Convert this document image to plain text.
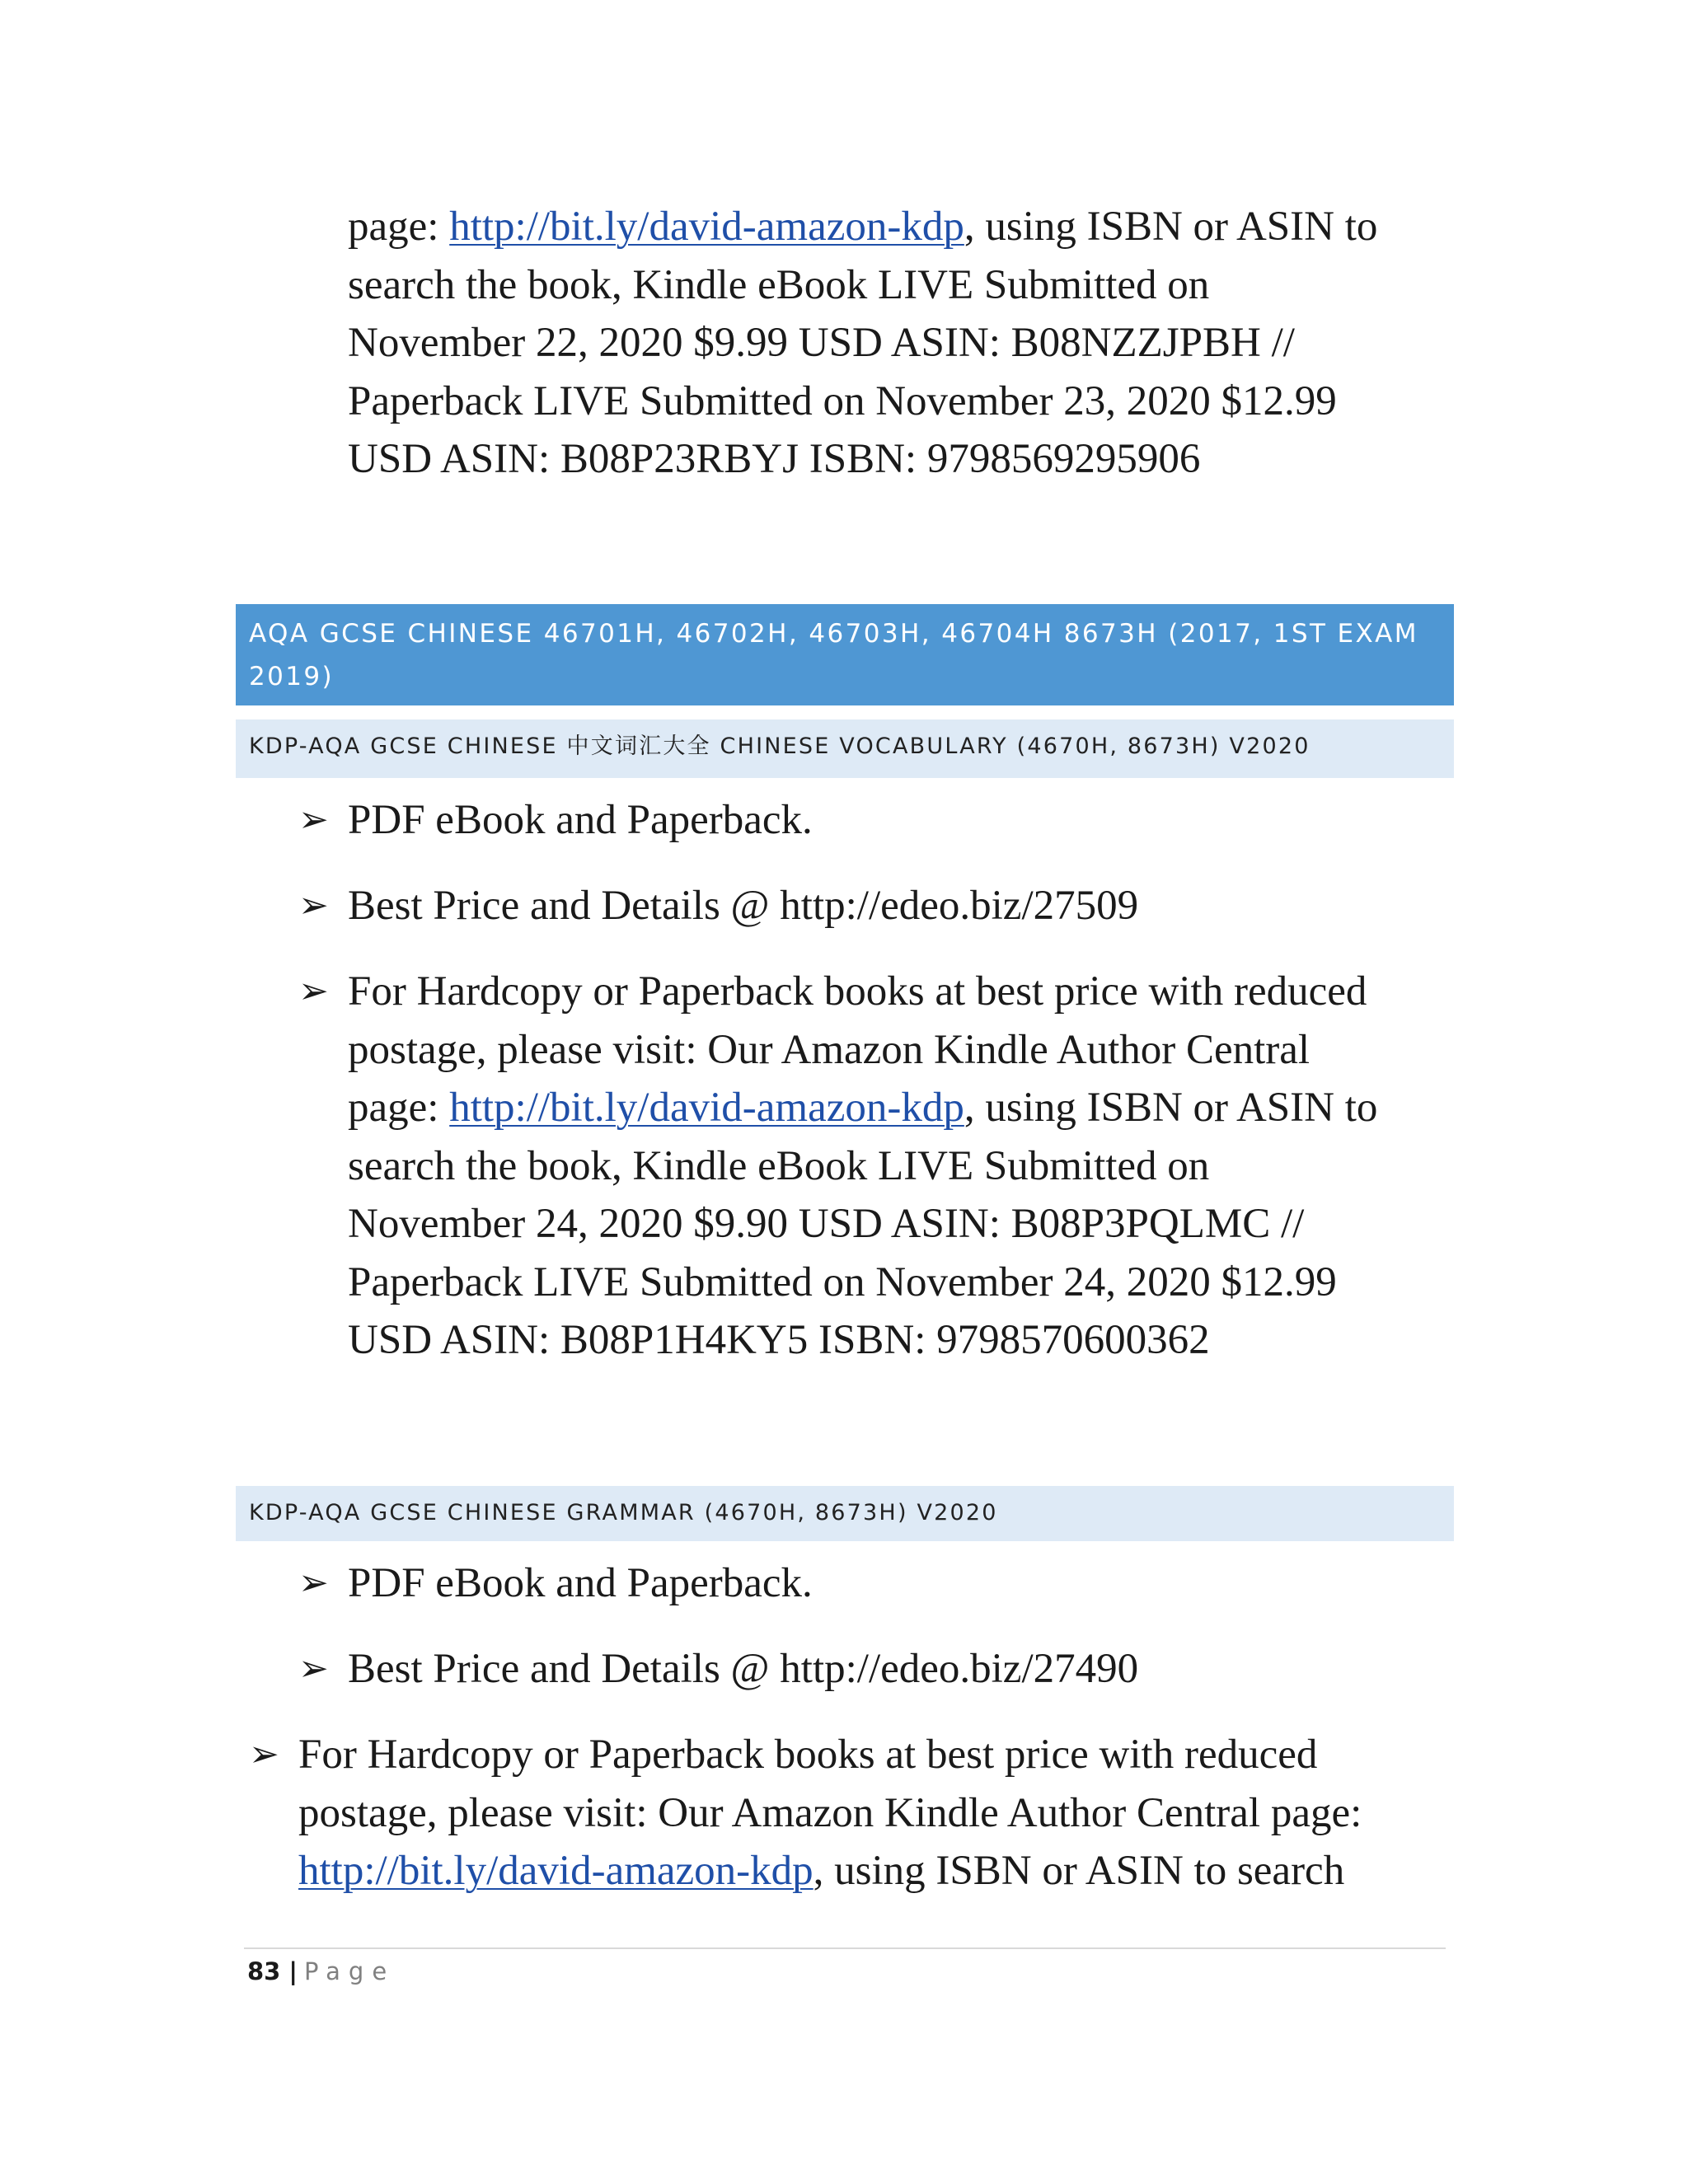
page: http://bit.ly/david-amazon-kdp, using ISBN or ASIN to
search the book, Kindle eBook LIVE Submitted on
November 22, 2020 $9.99 USD ASIN: B08NZZJPBH //
Paperback LIVE Submitted on November 23, 2020 $12.99
USD ASIN: B08P23RBYJ ISBN: 9798569295906
AQA GCSE CHINESE 46701H, 46702H, 46703H, 46704H 8673H (2017, 1ST EXAM
2019)
KDP-AQA GCSE CHINESE 中文词汇大全 CHINESE VOCABULARY (4670H, 8673H) V2020
➢ PDF eBook and Paperback.
➢ Best Price and Details @ http://edeo.biz/27509
➢ For Hardcopy or Paperback books at best price with reduced
postage, please visit: Our Amazon Kindle Author Central
page: http://bit.ly/david-amazon-kdp, using ISBN or ASIN to
search the book, Kindle eBook LIVE Submitted on
November 24, 2020 $9.90 USD ASIN: B08P3PQLMC //
Paperback LIVE Submitted on November 24, 2020 $12.99
USD ASIN: B08P1H4KY5 ISBN: 9798570600362
KDP-AQA GCSE CHINESE GRAMMAR (4670H, 8673H) V2020
➢ PDF eBook and Paperback.
➢ Best Price and Details @ http://edeo.biz/27490
➢ For Hardcopy or Paperback books at best price with reduced
postage, please visit: Our Amazon Kindle Author Central page:
http://bit.ly/david-amazon-kdp, using ISBN or ASIN to search
83 | Page
